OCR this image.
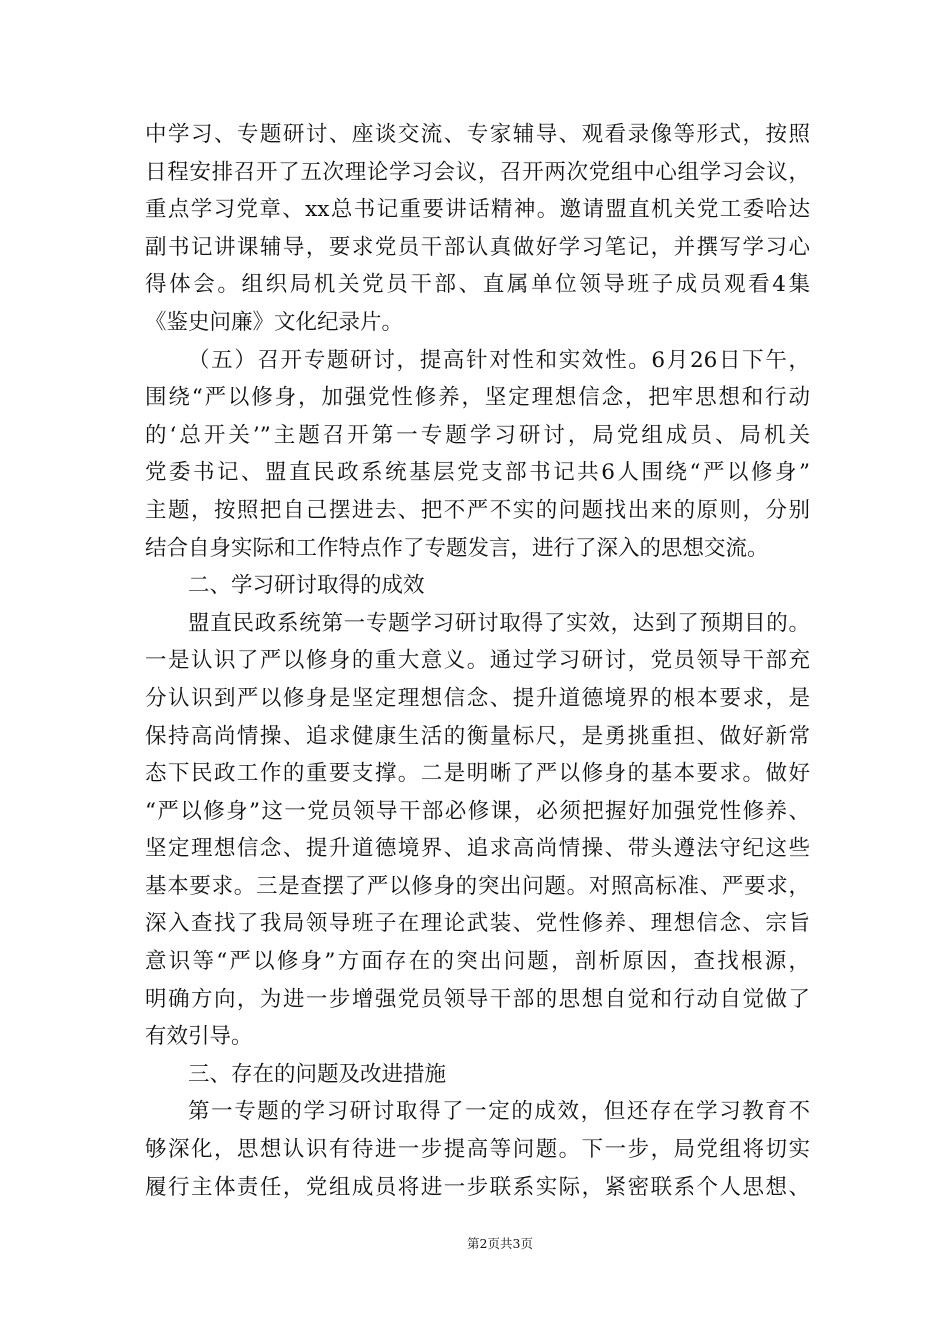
中学习、专题研讨、座谈交流、专家辅导、观看录像等形式，按照
日程安排召开了五次理论学习会议，召开两次党组中心组学习会议，
重点学习党章、xx总书记重要讲话精神。邀请盟直机关党工委哈达
副书记讲课辅导，要求党员干部认真做好学习笔记，并撰写学习心
得体会。组织局机关党员干部、直属单位领导班子成员观看4集
《鉴史问廉》文化纪录片。
（五）召开专题研讨，提高针对性和实效性。6月26日下午，
围绕“严以修身，加强党性修养，坚定理想信念，把牢思想和行动
的‘总开关’”主题召开第一专题学习研讨，局党组成员、局机关
党委书记、盟直民政系统基层党支部书记共6人围绕“严以修身”
主题，按照把自己摆进去、把不严不实的问题找出来的原则，分别
结合自身实际和工作特点作了专题发言，进行了深入的思想交流。
二、学习研讨取得的成效
盟直民政系统第一专题学习研讨取得了实效，达到了预期目的。
一是认识了严以修身的重大意义。通过学习研讨，党员领导干部充
分认识到严以修身是坚定理想信念、提升道德境界的根本要求，是
保持高尚情操、追求健康生活的衡量标尺，是勇挑重担、做好新常
态下民政工作的重要支撑。二是明晰了严以修身的基本要求。做好
“严以修身”这一党员领导干部必修课，必须把握好加强党性修养、
坚定理想信念、提升道德境界、追求高尚情操、带头遵法守纪这些
基本要求。三是查摆了严以修身的突出问题。对照高标准、严要求，
深入查找了我局领导班子在理论武装、党性修养、理想信念、宗旨
意识等“严以修身”方面存在的突出问题，剖析原因，查找根源，
明确方向，为进一步增强党员领导干部的思想自觉和行动自觉做了
有效引导。
三、存在的问题及改进措施
第一专题的学习研讨取得了一定的成效，但还存在学习教育不
够深化，思想认识有待进一步提高等问题。下一步，局党组将切实
履行主体责任，党组成员将进一步联系实际，紧密联系个人思想、
第2页共3页
